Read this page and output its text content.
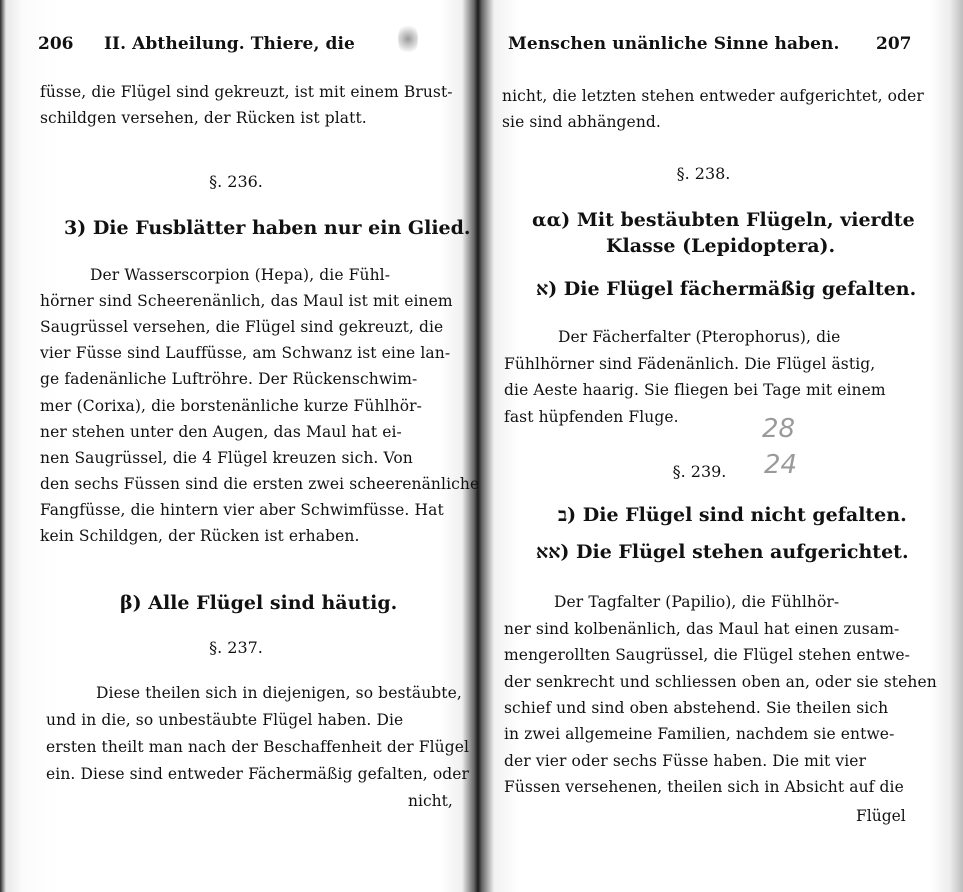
206 II. Abtheilung. Thiere, die
füsse, die Flügel sind gekreuzt, ist mit einem Brust-
schildgen versehen, der Rücken ist platt.
§. 236.
3) Die Fusblätter haben nur ein Glied.
Der Wasserscorpion (Hepa), die Fühl-
hörner sind Scheerenänlich, das Maul ist mit einem
Saugrüssel versehen, die Flügel sind gekreuzt, die
vier Füsse sind Lauffüsse, am Schwanz ist eine lan-
ge fadenänliche Luftröhre. Der Rückenschwim-
mer (Corixa), die borstenänliche kurze Fühlhör-
ner stehen unter den Augen, das Maul hat ei-
nen Saugrüssel, die 4 Flügel kreuzen sich. Von
den sechs Füssen sind die ersten zwei scheerenänliche
Fangfüsse, die hintern vier aber Schwimfüsse. Hat
kein Schildgen, der Rücken ist erhaben.
β) Alle Flügel sind häutig.
§. 237.
Diese theilen sich in diejenigen, so bestäubte,
und in die, so unbestäubte Flügel haben. Die
ersten theilt man nach der Beschaffenheit der Flügel
ein. Diese sind entweder Fächermäßig gefalten, oder
nicht,
Menschen unänliche Sinne haben. 207
nicht, die letzten stehen entweder aufgerichtet, oder
sie sind abhängend.
§. 238.
αα) Mit bestäubten Flügeln, vierdte
Klasse (Lepidoptera).
א) Die Flügel fächermäßig gefalten.
Der Fächerfalter (Pterophorus), die
Fühlhörner sind Fädenänlich. Die Flügel ästig,
die Aeste haarig. Sie fliegen bei Tage mit einem
fast hüpfenden Fluge.	28
24
§. 239.
ב) Die Flügel sind nicht gefalten.
אא) Die Flügel stehen aufgerichtet.
Der Tagfalter (Papilio), die Fühlhör-
ner sind kolbenänlich, das Maul hat einen zusam-
mengerollten Saugrüssel, die Flügel stehen entwe-
der senkrecht und schliessen oben an, oder sie stehen
schief und sind oben abstehend. Sie theilen sich
in zwei allgemeine Familien, nachdem sie entwe-
der vier oder sechs Füsse haben. Die mit vier
Füssen versehenen, theilen sich in Absicht auf die
Flügel
